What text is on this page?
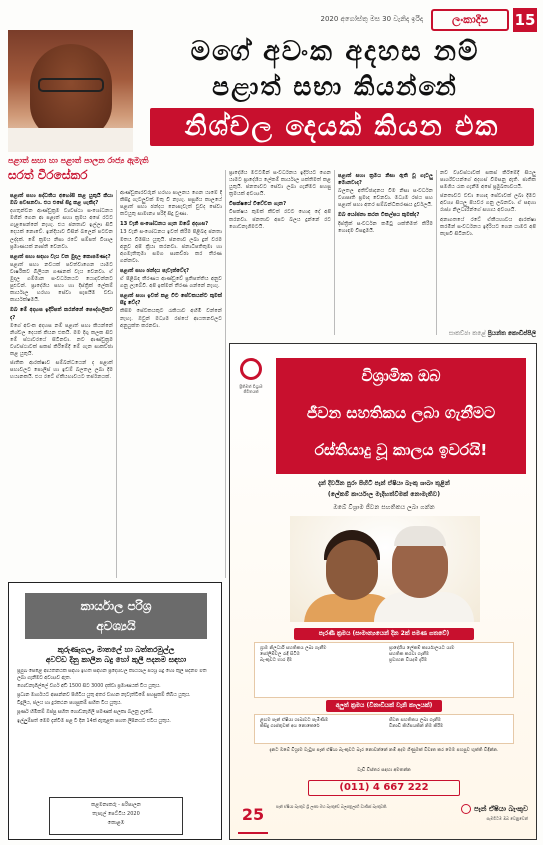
2020 අගෝස්තු මස 30 වැනිදා ඉරිදා	ලංකාදීප	15
මගේ අවංක අදහස නම්
පළාත් සභා කියන්නේ
නිශ්චල දෙයක් කියන එක
පළාත් සභා හා පළාත් පාලන රාජ්‍ය ඇමැති
සරත් වීරසේකර
පළාත් සභා පද්ධතිය අහෝසි කළ යුතුයි කියා ඔබ පවසනවා. එය එසේ සිදු කළ හැකිද?

දහතුන්වන ආණ්ඩුක්‍රම ව්‍යවස්ථා සංශෝධනය මගින් ගෙන ආ පළාත් සභා ක්‍රමය අපේ රටට ගැළපෙන්නේ නැහැ. එය ජනතාව ඉල්ලා සිටි දෙයක් නොවේ. ඉන්දියාව විසින් බලෙන් පටවන ලද්දක්. මේ ක්‍රමය නිසා රටේ සම්පත් විශාල ප්‍රමාණයක් නාස්ති වෙනවා.

පළාත් සභා සඳහා වැය වන මුදල කොපමණද?

පළාත් සභා නවයක් පවත්වාගෙන යාමට වාර්ෂිකව බිලියන ගණනක් වැය වෙනවා. ඒ මුදල ගම්මාන සංවර්ධනයට යොදවන්නට පුළුවන්. ප්‍රාදේශීය සභා හා දිස්ත්‍රික් ලේකම් කාර්යාල හරහා සේවා සැපයීම වඩා කාර්යක්ෂමයි.

ඔබ මේ අදහස ඉදිරිපත් කරන්නේ පෞද්ගලිකව ද?

මගේ අවංක අදහස නම් පළාත් සභා කියන්නේ නිශ්චල දෙයක් කියන එකයි. මම දිගු කලක සිට මේ ස්ථාවරයේ සිටිනවා. නව ආණ්ඩුක්‍රම ව්‍යවස්ථාවක් සකස් කිරීමේදී මේ ගැන සාකච්ඡා කළ යුතුයි.

ජාතික ආරක්ෂාව සම්බන්ධයෙන් ද පළාත් සභාවලට පොලිස් හා ඉඩම් බලතල ලබා දීම භයානකයි. එය රටේ ඒකීයභාවයට තර්ජනයක්.

ආණ්ඩුකාරවරුන් හරහා පාලනය ගෙන යාමේ දී කිසිදු ගැටලුවක් මතු වී නැහැ. පසුගිය කාලයේ පළාත් සභා ඡන්දය නොපැවැත් වුවද සේවා කටයුතු සාමාන්‍ය පරිදි සිදු වුණා.

13 වැනි සංශෝධනය ගැන ඔබේ අදහස?

13 වැනි සංශෝධනය ඉවත් කිරීම පිළිබඳ ජනතා මතය විමසිය යුතුයි. ජනතාව ලබා දුන් වරම අනුව අපි ක්‍රියා කරනවා. ජනාධිපතිතුමා හා අගමැතිතුමා සමග සාකච්ඡා කර තීරණ ගන්නවා.

පළාත් සභා ඡන්දය පැවැත්වේද?

ඒ පිළිබඳ තීරණය ආණ්ඩුවේ ප්‍රතිපත්තිය අනුව ගනු ලැබේවි. අපි ඉක්මන් තීරණ ගන්නේ නැහැ.

පළාත් සභා ඉවත් කළ විට සේවකයන්ට කුමක් සිදු වේද?

කිසිම සේවකයකුට රැකියාව අහිමි වන්නේ නැහැ. ඔවුන් මධ්‍යම රජයේ ආයතනවලට අනුයුක්ත කරනවා.

ප්‍රාදේශීය මට්ටමින් සංවර්ධනය ඉදිරියට ගෙන යාමට ප්‍රාදේශීය ලේකම් කාර්යාල ශක්තිමත් කළ යුතුයි. ජනතාවට සේවා ලබා ගැනීමට පහසු ක්‍රමයක් අවශ්‍යයි.

විපක්ෂයේ විවේචන ගැන?

විපක්ෂය කුමක් කීවත් රටට හොඳ දේ අපි කරනවා. ජනතාව අපට බලය දුන්නේ රට ගොඩනැගීමටයි.

පළාත් සභා ක්‍රමය නිසා ඇති වූ ගැටලු මොනවාද?

බලතල අතිච්ඡාදනය වීම නිසා සංවර්ධන ව්‍යාපෘති ප්‍රමාද වෙනවා. මධ්‍යම රජය සහ පළාත් සභා අතර සම්බන්ධීකරණය දුර්වලයි.

ඔබ යෝජනා කරන විකල්පය කුමක්ද?

දිස්ත්‍රික් සංවර්ධන කමිටු ශක්තිමත් කිරීම හොඳම විසඳුමයි.

නව ව්‍යවස්ථාවක් සකස් කිරීමේදී සියලු පාර්ශ්වයන්ගේ අදහස් විමසනු ඇති. ජාතික සමගිය රැක ගැනීම අපේ ප්‍රමුඛතාවයයි.

ජනතාවට වඩා හොඳ සේවාවක් ලබා දීමට අවශ්‍ය සියලු පියවර ගනු ලබනවා. ඒ සඳහා රාජ්‍ය නිලධාරීන්ගේ සහාය අවශ්‍යයි.

අනාගතයේ රටේ ඒකීයභාවය ආරක්ෂා කරමින් සංවර්ධනය ඉදිරියට ගෙන යාමට අපි කැපවී සිටිනවා.

සාකච්ඡා කළේ ප්‍රියන්ත කොඩිප්පිලි
කාර්යාල පරිශ්‍ර
අවශ්‍යයි
කුරුණෑගල, මාතලේ හා බත්තරමුල්ල
අවට්ඩ දිනු කාලීන බදු හෝ කුලී පදනම සඳහා

ප්‍රමුඛ පෙළේ ආයතනයක් සඳහා ඉහත සඳහන් ප්‍රදේශවල කාර්යාල පරිශ්‍ර බදු හෝ කුලී පදනම මත ලබා ගැනීමට අවශ්‍යව ඇත.

ගොඩනැගිල්ලේ වර්ග අඩි 1500 සිට 3000 දක්වා ප්‍රමාණයක් විය යුතුය.

ප්‍රධාන මාර්ගයට ආසන්නව පිහිටිය යුතු අතර වාහන නැවැත්වීමේ පහසුකම් තිබිය යුතුය.

විදුලිය, ජලය හා දුරකථන පහසුකම් සහිත විය යුතුය.

පූර්ණ හිමිකම් ඔප්පු සහිත ගොඩනැගිලි පමණක් සලකා බලනු ලැබේ.

ඉල්ලුම්පත් මෙම දැන්වීම පළ වී දින 14ක් ඇතුළත පහත ලිපිනයට එවිය යුතුය.

කළමනාකරු - පරිපාලන
තැපැල් පෙට්ටිය 2020
කොළඹ
ප්‍රීතිමත් විශ්‍රාම ජීවිතයක්
විශ්‍රාමික ඔබ
ජීවන සහතිකය ලබා ගැනීමට
රස්තියාදු වූ කාලය ඉවරයි!
දැන් දිවයින පුරා පිහිටි පෑන් ඒෂියා බැංකු ශාඛා තුළින්
(ලේකම් කාර්යාල මැදිහත්වීමක් නොමැතිව)
ඔබේ විශ්‍රාම ජීවන සහතිකය ලබා ගන්න
පැරණි ක්‍රමය (සාමාන්‍යයෙන් දින 2ක් පමණ ගතවේ)
ග්‍රාම නිලධාරී සහතිකය ලබා ගැනීම	ප්‍රාදේශීය ලේකම් කාර්යාලයට යාම
පෝලිම්වල රැඳී සිටීම	සහතික කරවා ගැනීම
බැංකුවට භාර දීම	ප්‍රවාහන වියදම් දැරීම
අලුත් ක්‍රමය (විනාඩියක් වැනි කාලයක්)
ළඟම පෑන් ඒෂියා ශාඛාවට පැමිණීම	ජීවන සහතිකය ලබා ගැනීම
කිසිදු ගාස්තුවක් අය නොකෙරේ	විනාඩි කිහිපයකින් නිම කිරීම
දැනට ඔබේ විශ්‍රාම වැටුප පෑන් ඒෂියා බැංකුවට බැර නොවන්නේ නම් අදම ගිණුමක් විවෘත කර මෙම පහසුව භුක්ති විඳින්න.
වැඩි විස්තර සඳහා අමතන්න
(011) 4 667 222
25	පෑන් ඒෂියා බැංකුව ශ්‍රී ලංකා මහ බැංකුවේ බලපත්‍රලාභී වාණිජ බැංකුවකි.	පෑන් ඒෂියා බැංකුව
සැමවිටම ඔබ වෙනුවෙන්
